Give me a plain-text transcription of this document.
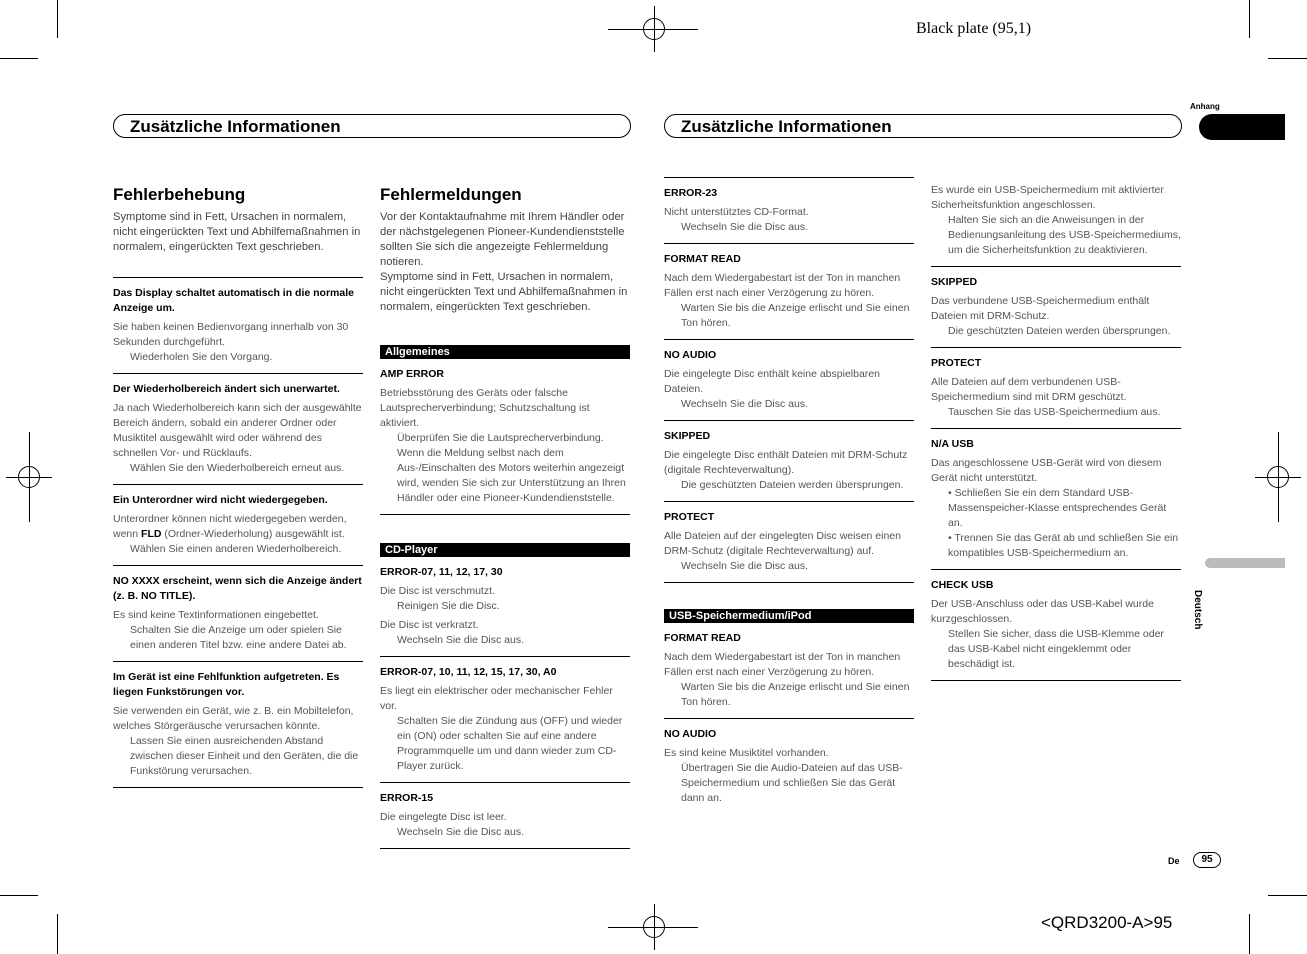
Black plate (95,1)
Zusätzliche Informationen	Zusätzliche Informationen
Anhang
Deutsch
Fehlerbehebung

Symptome sind in Fett, Ursachen in normalem, nicht eingerückten Text und Abhilfemaßnahmen in normalem, eingerückten Text geschrieben.

Das Display schaltet automatisch in die normale Anzeige um.

Sie haben keinen Bedienvorgang innerhalb von 30 Sekunden durchgeführt.

Wiederholen Sie den Vorgang.

Der Wiederholbereich ändert sich unerwartet.

Ja nach Wiederholbereich kann sich der ausgewählte Bereich ändern, sobald ein anderer Ordner oder Musiktitel ausgewählt wird oder während des schnellen Vor- und Rücklaufs.

Wählen Sie den Wiederholbereich erneut aus.

Ein Unterordner wird nicht wiedergegeben.

Unterordner können nicht wiedergegeben werden, wenn FLD (Ordner-Wiederholung) ausgewählt ist.

Wählen Sie einen anderen Wiederholbereich.

NO XXXX erscheint, wenn sich die Anzeige ändert (z. B. NO TITLE).

Es sind keine Textinformationen eingebettet.

Schalten Sie die Anzeige um oder spielen Sie einen anderen Titel bzw. eine andere Datei ab.

Im Gerät ist eine Fehlfunktion aufgetreten. Es liegen Funkstörungen vor.

Sie verwenden ein Gerät, wie z. B. ein Mobiltelefon, welches Störgeräusche verursachen könnte.

Lassen Sie einen ausreichenden Abstand zwischen dieser Einheit und den Geräten, die die Funkstörung verursachen.

Fehlermeldungen

Vor der Kontaktaufnahme mit Ihrem Händler oder der nächstgelegenen Pioneer-Kundendienststelle sollten Sie sich die angezeigte Fehlermeldung notieren.

Symptome sind in Fett, Ursachen in normalem, nicht eingerückten Text und Abhilfemaßnahmen in normalem, eingerückten Text geschrieben.

Allgemeines

AMP ERROR

Betriebsstörung des Geräts oder falsche Lautsprecherverbindung; Schutzschaltung ist aktiviert.

Überprüfen Sie die Lautsprecherverbindung.

Wenn die Meldung selbst nach dem Aus-/Einschalten des Motors weiterhin angezeigt wird, wenden Sie sich zur Unterstützung an Ihren Händler oder eine Pioneer-Kundendienststelle.

CD-Player

ERROR-07, 11, 12, 17, 30

Die Disc ist verschmutzt.

Reinigen Sie die Disc.

Die Disc ist verkratzt.

Wechseln Sie die Disc aus.

ERROR-07, 10, 11, 12, 15, 17, 30, A0

Es liegt ein elektrischer oder mechanischer Fehler vor.

Schalten Sie die Zündung aus (OFF) und wieder ein (ON) oder schalten Sie auf eine andere Programmquelle um und dann wieder zum CD-Player zurück.

ERROR-15

Die eingelegte Disc ist leer.

Wechseln Sie die Disc aus.

ERROR-23

Nicht unterstütztes CD-Format.

Wechseln Sie die Disc aus.

FORMAT READ

Nach dem Wiedergabestart ist der Ton in manchen Fällen erst nach einer Verzögerung zu hören.

Warten Sie bis die Anzeige erlischt und Sie einen Ton hören.

NO AUDIO

Die eingelegte Disc enthält keine abspielbaren Dateien.

Wechseln Sie die Disc aus.

SKIPPED

Die eingelegte Disc enthält Dateien mit DRM-Schutz (digitale Rechteverwaltung).

Die geschützten Dateien werden übersprungen.

PROTECT

Alle Dateien auf der eingelegten Disc weisen einen DRM-Schutz (digitale Rechteverwaltung) auf.

Wechseln Sie die Disc aus.

USB-Speichermedium/iPod

FORMAT READ

Nach dem Wiedergabestart ist der Ton in manchen Fällen erst nach einer Verzögerung zu hören.

Warten Sie bis die Anzeige erlischt und Sie einen Ton hören.

NO AUDIO

Es sind keine Musiktitel vorhanden.

Übertragen Sie die Audio-Dateien auf das USB-Speichermedium und schließen Sie das Gerät dann an.

Es wurde ein USB-Speichermedium mit aktivierter Sicherheitsfunktion angeschlossen.

Halten Sie sich an die Anweisungen in der Bedienungsanleitung des USB-Speichermediums, um die Sicherheitsfunktion zu deaktivieren.

SKIPPED

Das verbundene USB-Speichermedium enthält Dateien mit DRM-Schutz.

Die geschützten Dateien werden übersprungen.

PROTECT

Alle Dateien auf dem verbundenen USB-Speichermedium sind mit DRM geschützt.

Tauschen Sie das USB-Speichermedium aus.

N/A USB

Das angeschlossene USB-Gerät wird von diesem Gerät nicht unterstützt.

• Schließen Sie ein dem Standard USB-Massenspeicher-Klasse entsprechendes Gerät an.

• Trennen Sie das Gerät ab und schließen Sie ein kompatibles USB-Speichermedium an.

CHECK USB

Der USB-Anschluss oder das USB-Kabel wurde kurzgeschlossen.

Stellen Sie sicher, dass die USB-Klemme oder das USB-Kabel nicht eingeklemmt oder beschädigt ist.

De	95
<QRD3200-A>95
